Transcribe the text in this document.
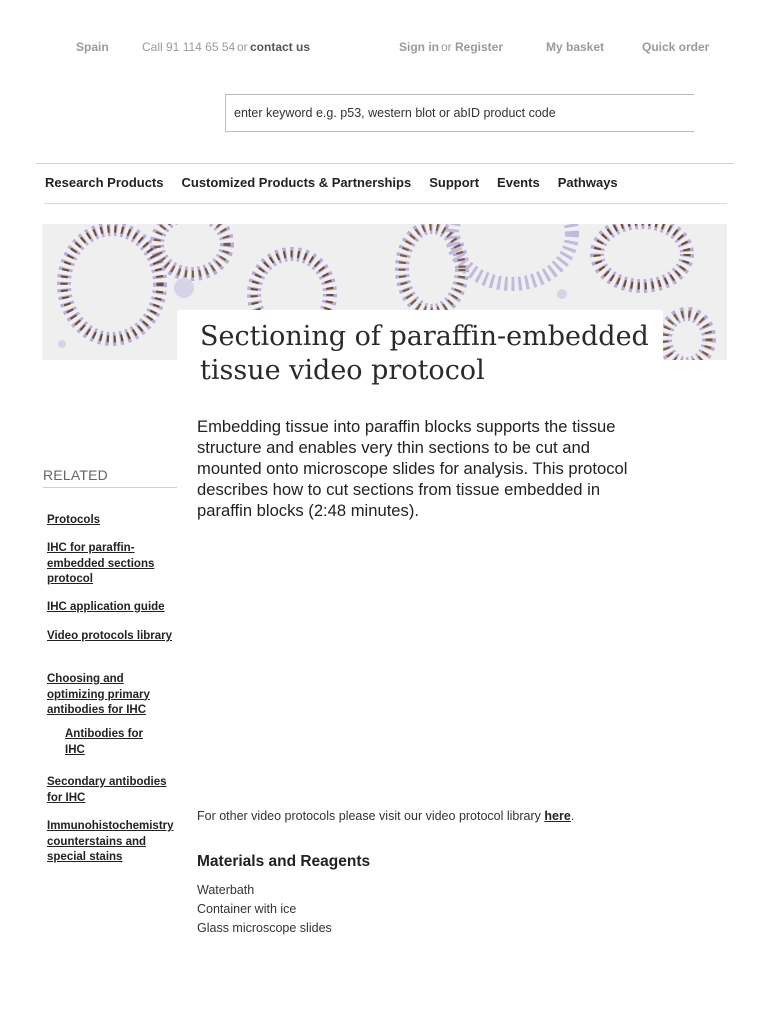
Spain	Call 91 114 65 54 or contact us	Sign in or Register	My basket	Quick order
enter keyword e.g. p53, western blot or abID product code
Research Products Customized Products & Partnerships Support Events Pathways
Sectioning of paraffin-embedded tissue video protocol

Embedding tissue into paraffin blocks supports the tissue structure and enables very thin sections to be cut and mounted onto microscope slides for analysis. This protocol describes how to cut sections from tissue embedded in paraffin blocks (2:48 minutes).

RELATED
Protocols
IHC for paraffin-embedded sections protocol
IHC application guide
Video protocols library
Choosing and optimizing primary antibodies for IHC
Antibodies for IHC
Secondary antibodies for IHC
Immunohistochemistry counterstains and special stains
For other video protocols please visit our video protocol library here.
Materials and Reagents
Waterbath
Container with ice
Glass microscope slides
